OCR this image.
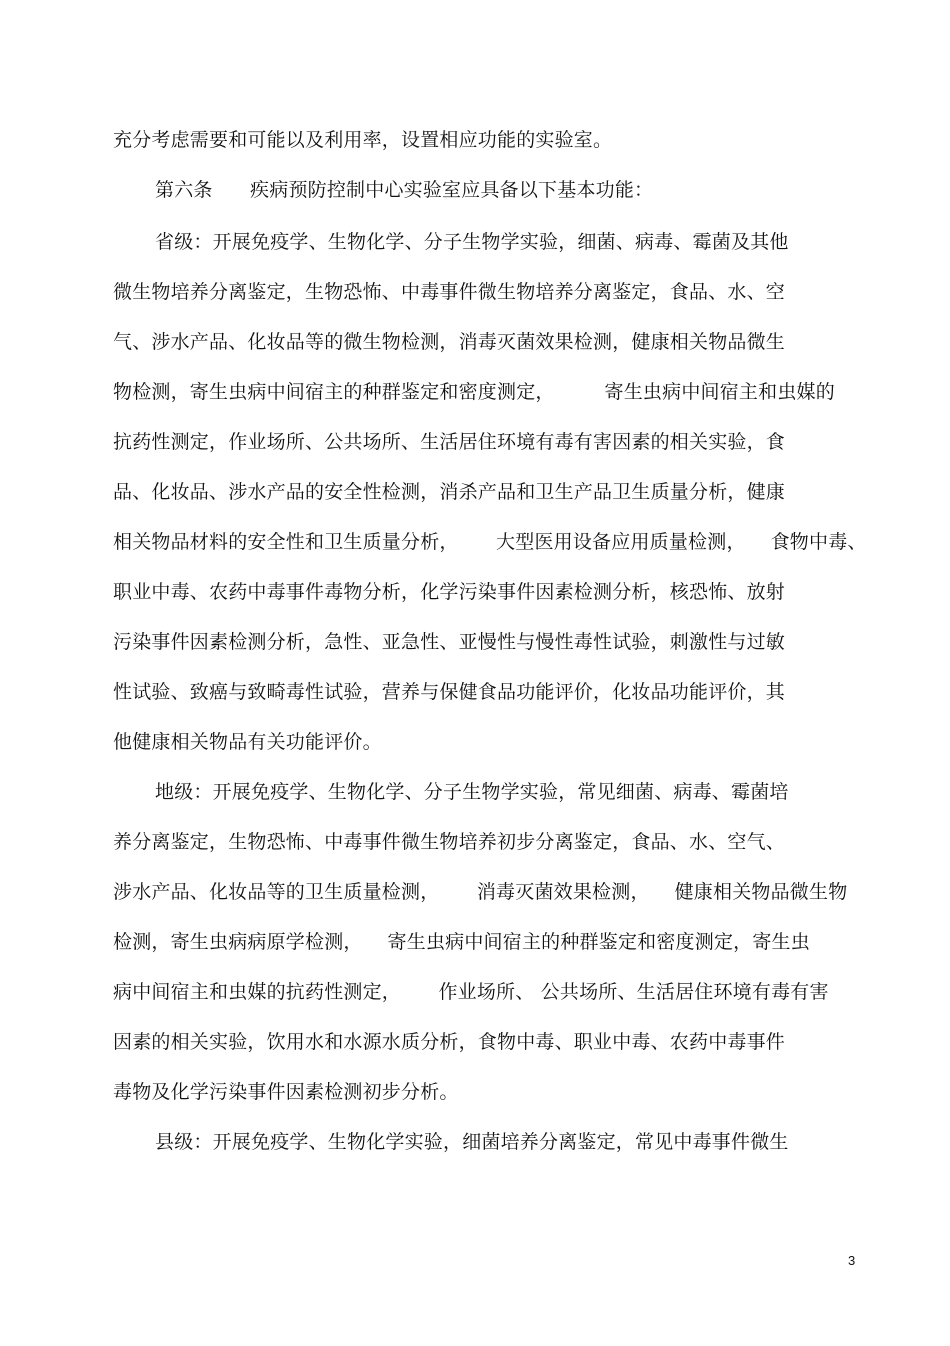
充分考虑需要和可能以及利用率，设置相应功能的实验室。
第六条      疾病预防控制中心实验室应具备以下基本功能：
省级：开展免疫学、生物化学、分子生物学实验，细菌、病毒、霉菌及其他
微生物培养分离鉴定，生物恐怖、中毒事件微生物培养分离鉴定，食品、水、空
气、涉水产品、化妆品等的微生物检测，消毒灭菌效果检测，健康相关物品微生
物检测，寄生虫病中间宿主的种群鉴定和密度测定，        寄生虫病中间宿主和虫媒的
抗药性测定，作业场所、公共场所、生活居住环境有毒有害因素的相关实验，食
品、化妆品、涉水产品的安全性检测，消杀产品和卫生产品卫生质量分析，健康
相关物品材料的安全性和卫生质量分析，      大型医用设备应用质量检测，    食物中毒、
职业中毒、农药中毒事件毒物分析，化学污染事件因素检测分析，核恐怖、放射
污染事件因素检测分析，急性、亚急性、亚慢性与慢性毒性试验，刺激性与过敏
性试验、致癌与致畸毒性试验，营养与保健食品功能评价，化妆品功能评价，其
他健康相关物品有关功能评价。
地级：开展免疫学、生物化学、分子生物学实验，常见细菌、病毒、霉菌培
养分离鉴定，生物恐怖、中毒事件微生物培养初步分离鉴定，食品、水、空气、
涉水产品、化妆品等的卫生质量检测，      消毒灭菌效果检测，    健康相关物品微生物
检测，寄生虫病病原学检测，    寄生虫病中间宿主的种群鉴定和密度测定，寄生虫
病中间宿主和虫媒的抗药性测定，      作业场所、 公共场所、生活居住环境有毒有害
因素的相关实验，饮用水和水源水质分析，食物中毒、职业中毒、农药中毒事件
毒物及化学污染事件因素检测初步分析。
县级：开展免疫学、生物化学实验，细菌培养分离鉴定，常见中毒事件微生
3
